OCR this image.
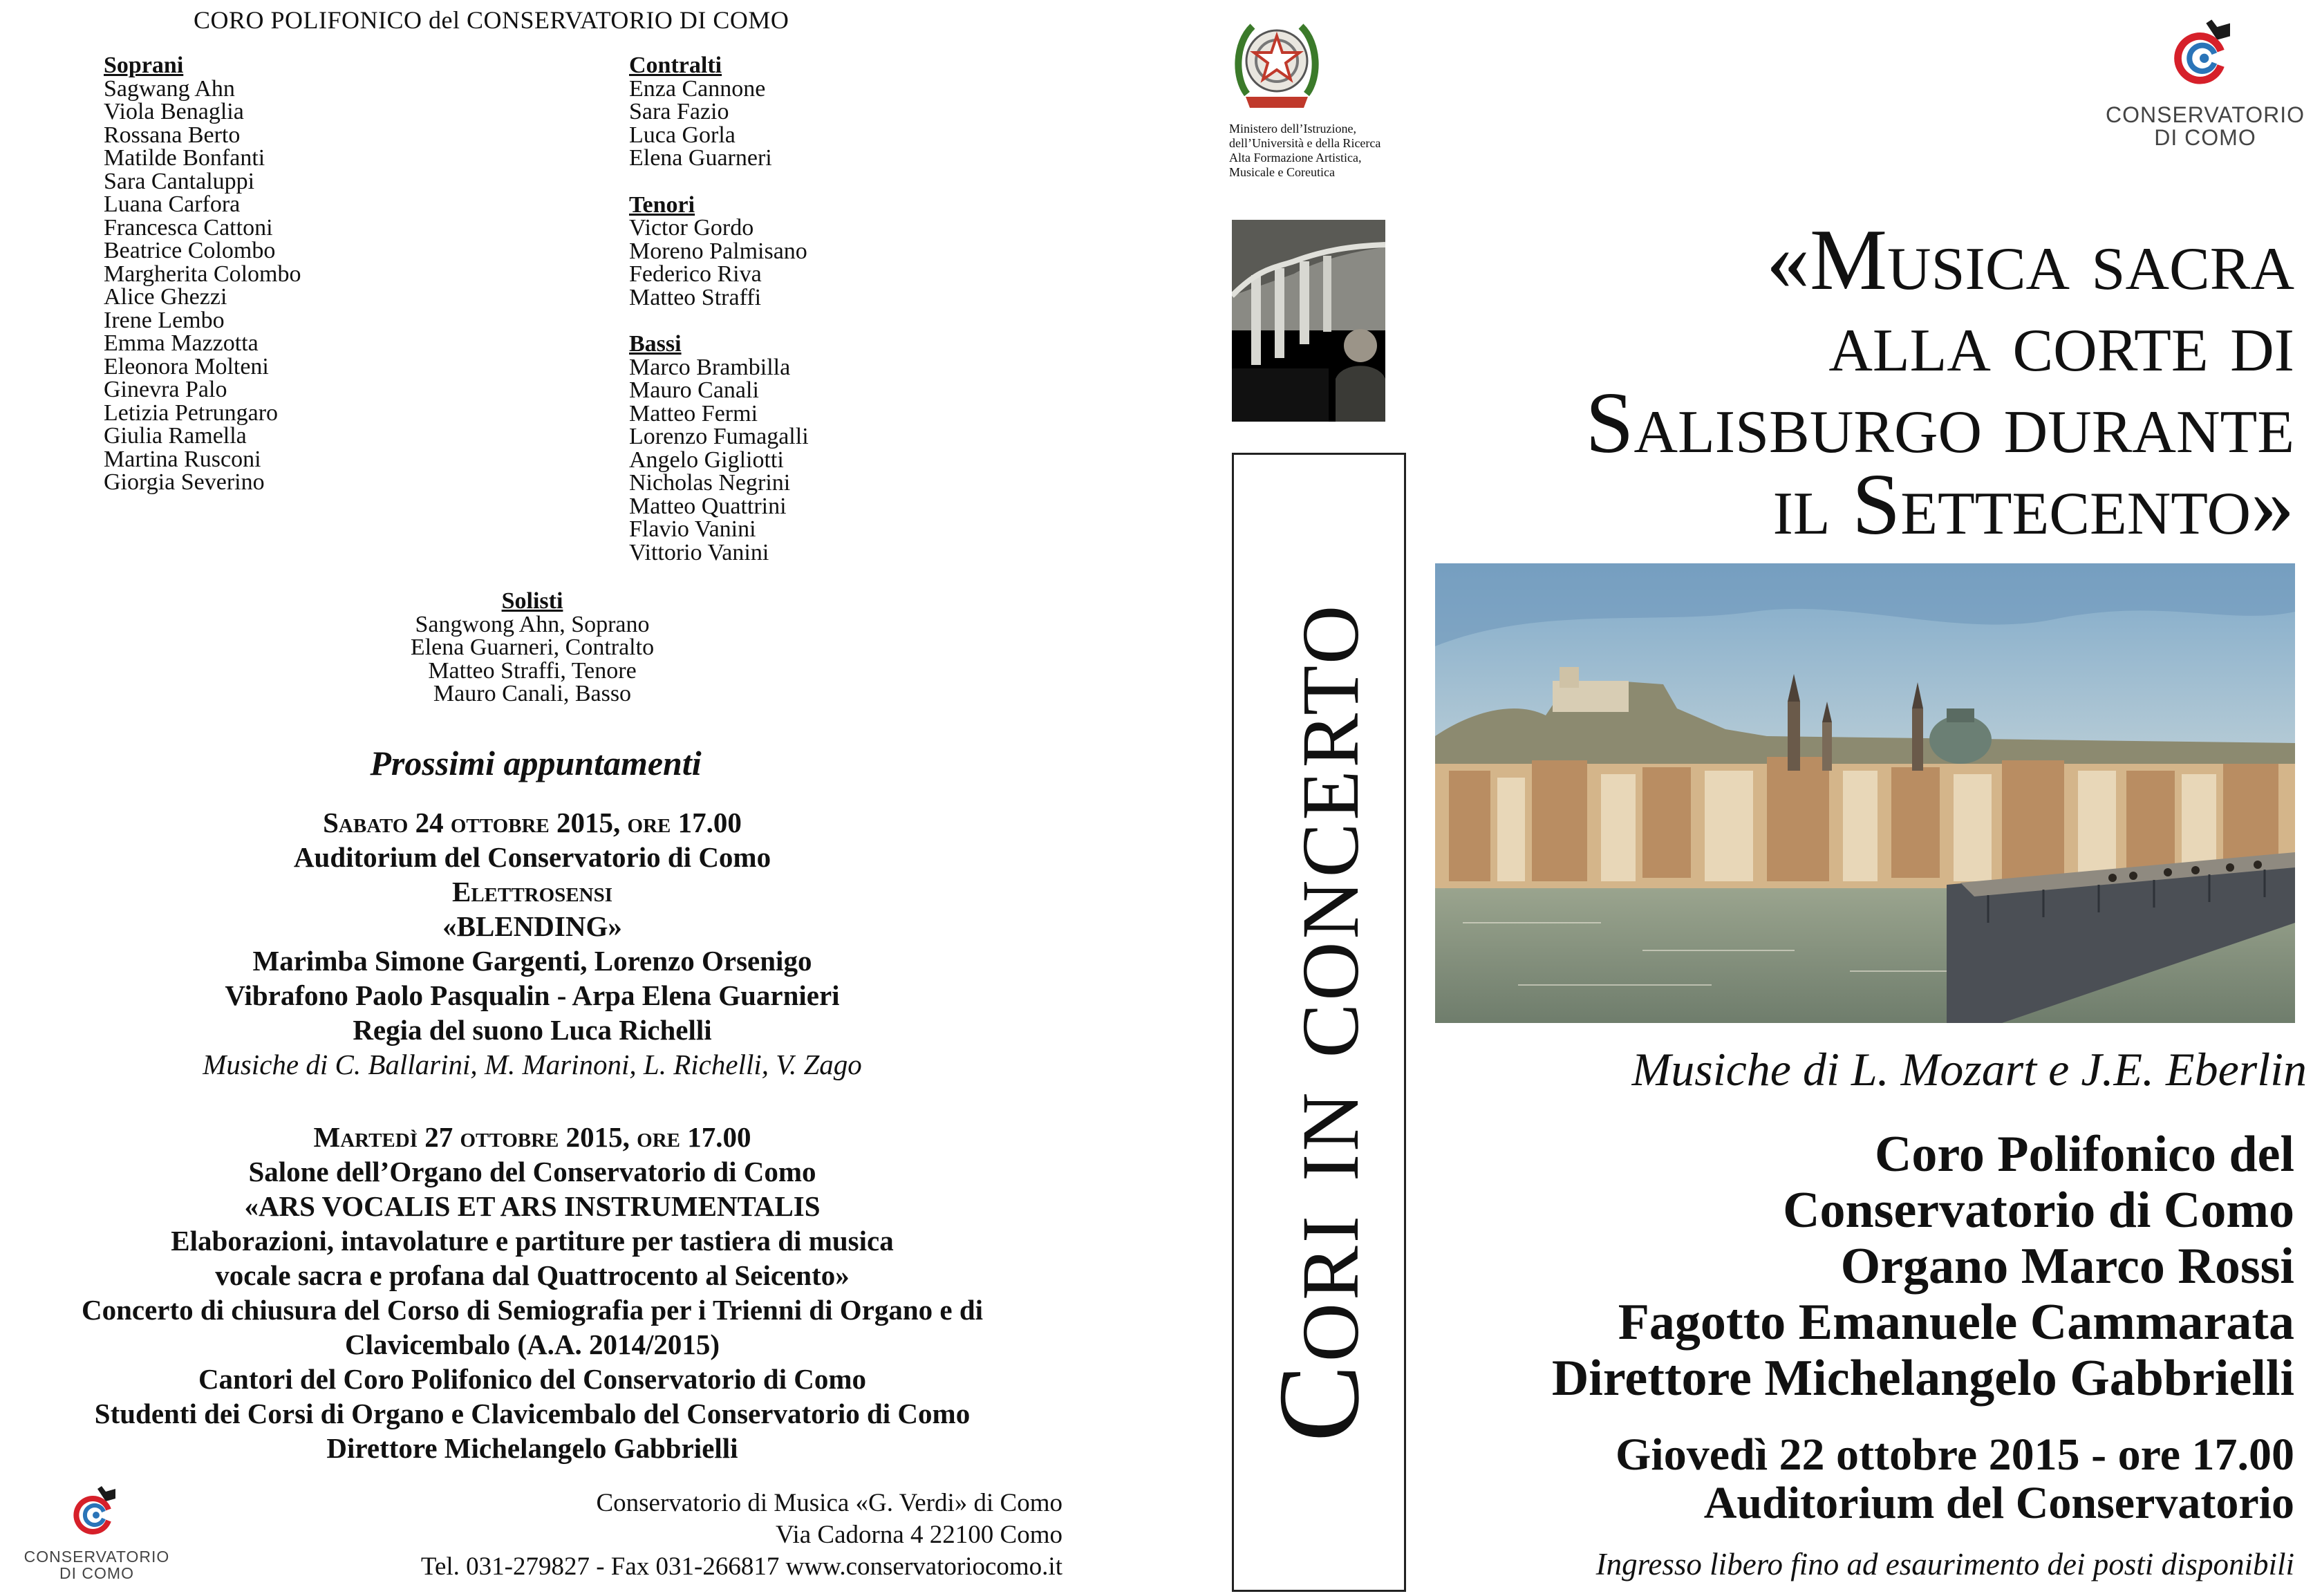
CORO POLIFONICO del CONSERVATORIO DI COMO
Soprani
Sagwang Ahn
Viola Benaglia
Rossana Berto
Matilde Bonfanti
Sara Cantaluppi
Luana Carfora
Francesca Cattoni
Beatrice Colombo
Margherita Colombo
Alice Ghezzi
Irene Lembo
Emma Mazzotta
Eleonora Molteni
Ginevra Palo
Letizia Petrungaro
Giulia Ramella
Martina Rusconi
Giorgia Severino
Contralti
Enza Cannone
Sara Fazio
Luca Gorla
Elena Guarneri
Tenori
Victor Gordo
Moreno Palmisano
Federico Riva
Matteo Straffi
Bassi
Marco Brambilla
Mauro Canali
Matteo Fermi
Lorenzo Fumagalli
Angelo Gigliotti
Nicholas Negrini
Matteo Quattrini
Flavio Vanini
Vittorio Vanini
Solisti
Sangwong Ahn, Soprano
Elena Guarneri, Contralto
Matteo Straffi, Tenore
Mauro Canali, Basso
Prossimi appuntamenti
Sabato 24 ottobre 2015, ore 17.00
Auditorium del Conservatorio di Como
Elettrosensi
«BLENDING»
Marimba Simone Gargenti, Lorenzo Orsenigo
Vibrafono Paolo Pasqualin - Arpa Elena Guarnieri
Regia del suono Luca Richelli
Musiche di C. Ballarini, M. Marinoni, L. Richelli, V. Zago
Martedì 27 ottobre 2015, ore 17.00
Salone dell’Organo del Conservatorio di Como
«ARS VOCALIS ET ARS INSTRUMENTALIS
Elaborazioni, intavolature e partiture per tastiera di musica
vocale sacra e profana dal Quattrocento al Seicento»
Concerto di chiusura del Corso di Semiografia per i Trienni di Organo e di
Clavicembalo (A.A. 2014/2015)
Cantori del Coro Polifonico del Conservatorio di Como
Studenti dei Corsi di Organo e Clavicembalo del Conservatorio di Como
Direttore Michelangelo Gabbrielli
CONSERVATORIO
DI COMO
Conservatorio di Musica «G. Verdi» di Como
Via Cadorna 4 22100 Como
Tel. 031-279827 - Fax 031-266817 www.conservatoriocomo.it
Ministero dell’Istruzione,
dell’Università e della Ricerca
Alta Formazione Artistica,
Musicale e Coreutica
Cori in concerto
CONSERVATORIO
DI COMO
«Musica sacra
alla corte di
Salisburgo durante
il Settecento»
Musiche di L. Mozart e J.E. Eberlin
Coro Polifonico del
Conservatorio di Como
Organo Marco Rossi
Fagotto Emanuele Cammarata
Direttore Michelangelo Gabbrielli
Giovedì 22 ottobre 2015 - ore 17.00
Auditorium del Conservatorio
Ingresso libero fino ad esaurimento dei posti disponibili
